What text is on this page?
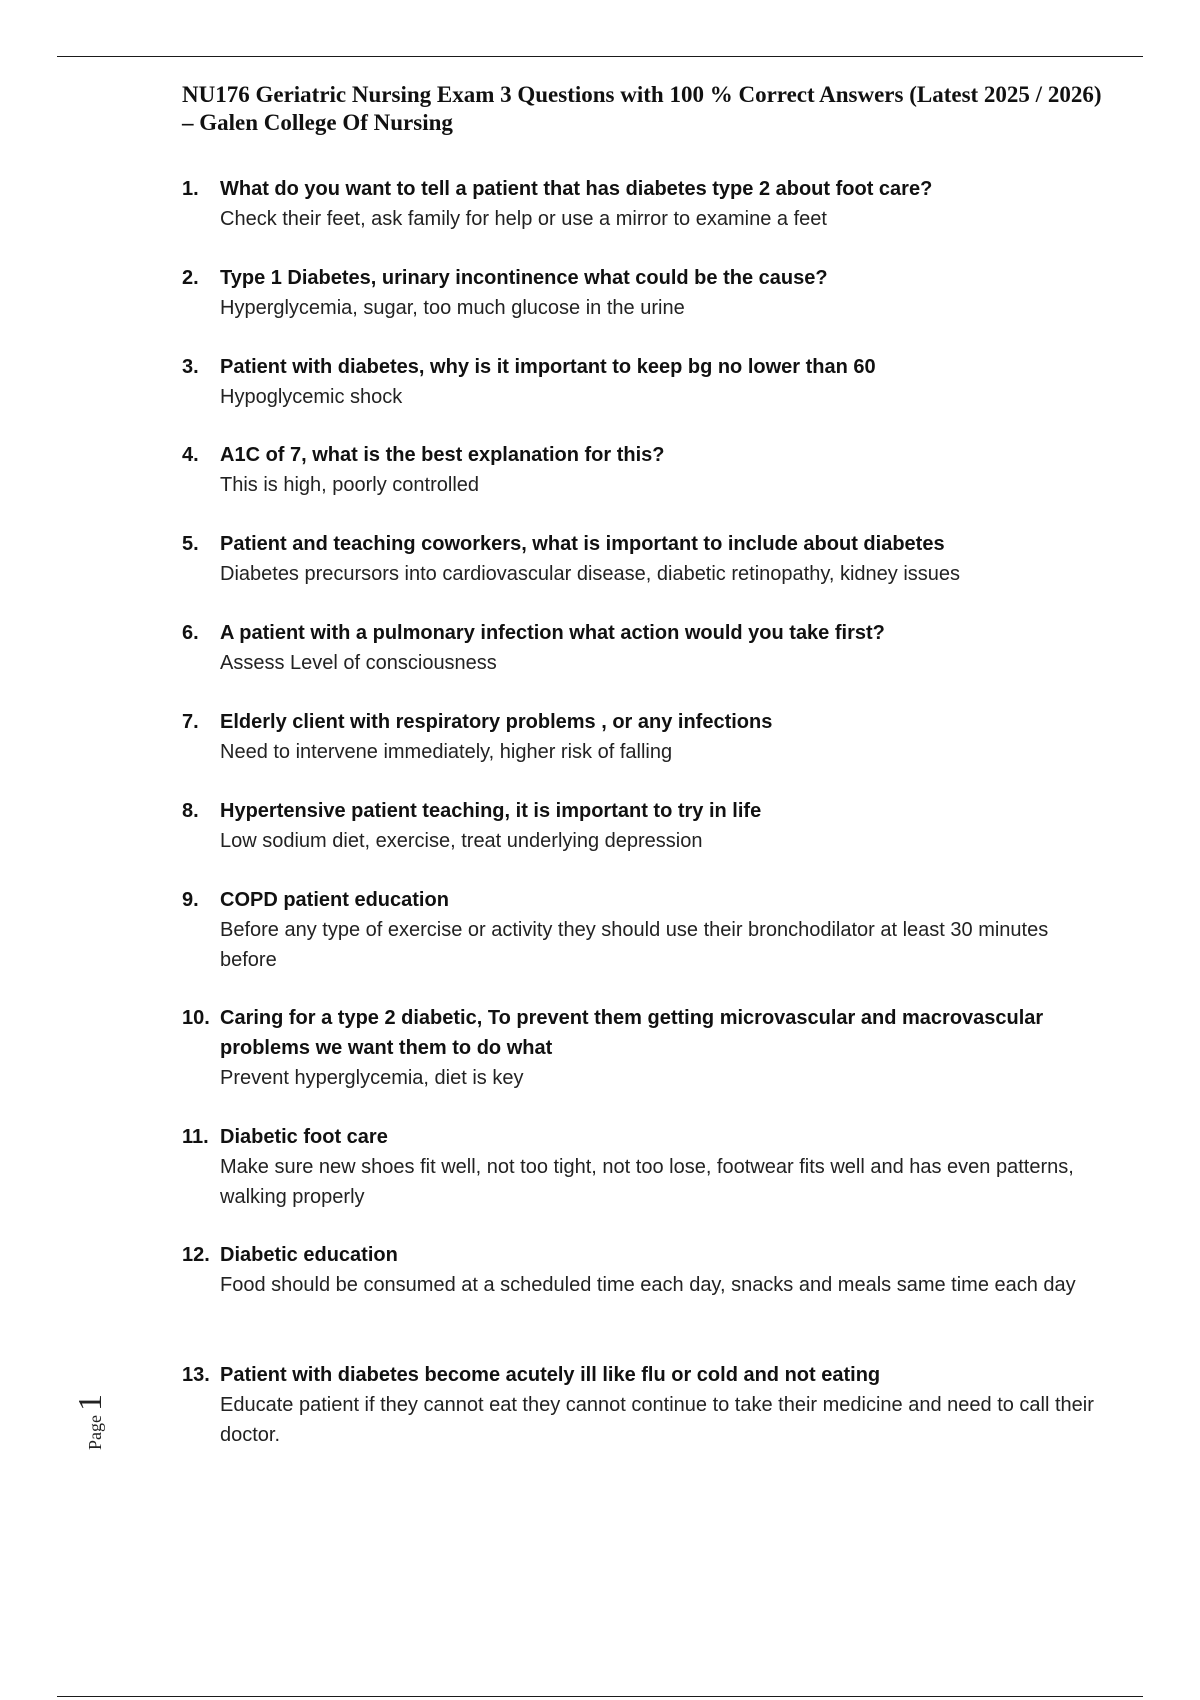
NU176 Geriatric Nursing Exam 3 Questions with 100 % Correct Answers (Latest 2025 / 2026) – Galen College Of Nursing
1.	What do you want to tell a patient that has diabetes type 2 about foot care?
Check their feet, ask family for help or use a mirror to examine a feet
2.	Type 1 Diabetes, urinary incontinence what could be the cause?
Hyperglycemia, sugar, too much glucose in the urine
3.	Patient with diabetes, why is it important to keep bg no lower than 60
Hypoglycemic shock
4.	A1C of 7, what is the best explanation for this?
This is high, poorly controlled
5.	Patient and teaching coworkers, what is important to include about diabetes
Diabetes precursors into cardiovascular disease, diabetic retinopathy, kidney issues
6.	A patient with a pulmonary infection what action would you take first?
Assess Level of consciousness
7.	Elderly client with respiratory problems , or any infections
Need to intervene immediately, higher risk of falling
8.	Hypertensive patient teaching, it is important to try in life
Low sodium diet, exercise, treat underlying depression
9.	COPD patient education
Before any type of exercise or activity they should use their bronchodilator at least 30 minutes before
10. Caring for a type 2 diabetic, To prevent them getting microvascular and macrovascular problems we want them to do what
Prevent hyperglycemia, diet is key
11. Diabetic foot care
Make sure new shoes fit well, not too tight, not too lose, footwear fits well and has even patterns, walking properly
12. Diabetic education
Food should be consumed at a scheduled time each day, snacks and meals same time each day
13. Patient with diabetes become acutely ill like flu or cold and not eating
Educate patient if they cannot eat they cannot continue to take their medicine and need to call their doctor.
Page 1
